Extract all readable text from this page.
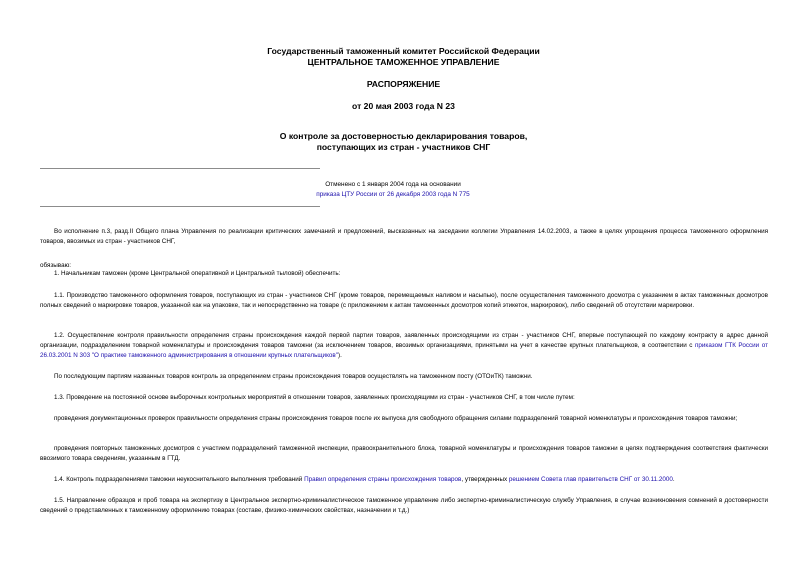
Государственный таможенный комитет Российской Федерации
ЦЕНТРАЛЬНОЕ ТАМОЖЕННОЕ УПРАВЛЕНИЕ
РАСПОРЯЖЕНИЕ
от 20 мая 2003 года N 23
О контроле за достоверностью декларирования товаров,
поступающих из стран - участников СНГ
Отменено с 1 января 2004 года на основании
приказа ЦТУ России от 26 декабря 2003 года N 775
Во исполнение п.3, разд.II Общего плана Управления по реализации критических замечаний и предложений, высказанных на заседании коллегии Управления 14.02.2003, а также в целях упрощения процесса таможенного оформления товаров, ввозимых из стран - участников СНГ,
обязываю:
1. Начальникам таможен (кроме Центральной оперативной и Центральной тыловой) обеспечить:
1.1. Производство таможенного оформления товаров, поступающих из стран - участников СНГ (кроме товаров, перемещаемых наливом и насыпью), после осуществления таможенного досмотра с указанием в актах таможенных досмотров полных сведений о маркировке товаров, указанной как на упаковке, так и непосредственно на товаре (с приложением к актам таможенных досмотров копий этикеток, маркировок), либо сведений об отсутствии маркировки.
1.2. Осуществление контроля правильности определения страны происхождения каждой первой партии товаров, заявленных происходящими из стран - участников СНГ, впервые поступающей по каждому контракту в адрес данной организации, подразделением товарной номенклатуры и происхождения товаров таможни (за исключением товаров, ввозимых организациями, принятыми на учет в качестве крупных плательщиков, в соответствии с приказом ГТК России от 26.03.2001 N 303 "О практике таможенного администрирования в отношении крупных плательщиков").
По последующим партиям названных товаров контроль за определением страны происхождения товаров осуществлять на таможенном посту (ОТОиТК) таможни.
1.3. Проведение на постоянной основе выборочных контрольных мероприятий в отношении товаров, заявленных происходящими из стран - участников СНГ, в том числе путем:
проведения документационных проверок правильности определения страны происхождения товаров после их выпуска для свободного обращения силами подразделений товарной номенклатуры и происхождения товаров таможни;
проведения повторных таможенных досмотров с участием подразделений таможенной инспекции, правоохранительного блока, товарной номенклатуры и происхождения товаров таможни в целях подтверждения соответствия фактически ввозимого товара сведениям, указанным в ГТД.
1.4. Контроль подразделениями таможни неукоснительного выполнения требований Правил определения страны происхождения товаров, утвержденных решением Совета глав правительств СНГ от 30.11.2000.
1.5. Направление образцов и проб товара на экспертизу в Центральное экспертно-криминалистическое таможенное управление либо экспертно-криминалистическую службу Управления, в случае возникновения сомнений в достоверности сведений о представленных к таможенному оформлению товарах (составе, физико-химических свойствах, назначении и т.д.)
